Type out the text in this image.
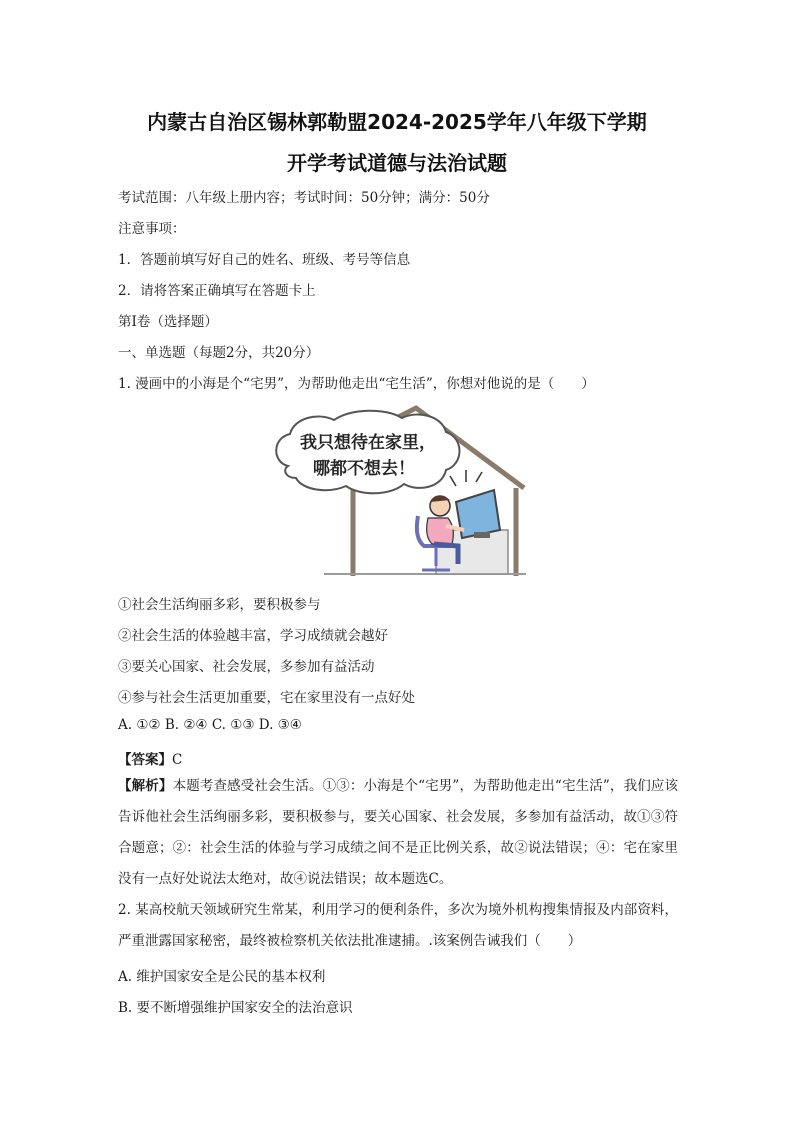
内蒙古自治区锡林郭勒盟2024-2025学年八年级下学期
开学考试道德与法治试题
考试范围：八年级上册内容；考试时间：50分钟；满分：50分
注意事项：
1．答题前填写好自己的姓名、班级、考号等信息
2．请将答案正确填写在答题卡上
第I卷（选择题）
一、单选题（每题2分，共20分）
1. 漫画中的小海是个“宅男”，为帮助他走出“宅生活”，你想对他说的是（　　）
我只想待在家里，
哪都不想去！
①社会生活绚丽多彩，要积极参与
②社会生活的体验越丰富，学习成绩就会越好
③要关心国家、社会发展，多参加有益活动
④参与社会生活更加重要，宅在家里没有一点好处
A. ①② B. ②④ C. ①③ D. ③④
【答案】C
【解析】本题考查感受社会生活。①③：小海是个“宅男”，为帮助他走出“宅生活”，我们应该告诉他社会生活绚丽多彩，要积极参与，要关心国家、社会发展，多参加有益活动，故①③符合题意；②：社会生活的体验与学习成绩之间不是正比例关系，故②说法错误；④：宅在家里没有一点好处说法太绝对，故④说法错误；故本题选C。
2. 某高校航天领域研究生常某，利用学习的便利条件，多次为境外机构搜集情报及内部资料，严重泄露国家秘密，最终被检察机关依法批准逮捕。.该案例告诫我们（　　）
A. 维护国家安全是公民的基本权利
B. 要不断增强维护国家安全的法治意识
